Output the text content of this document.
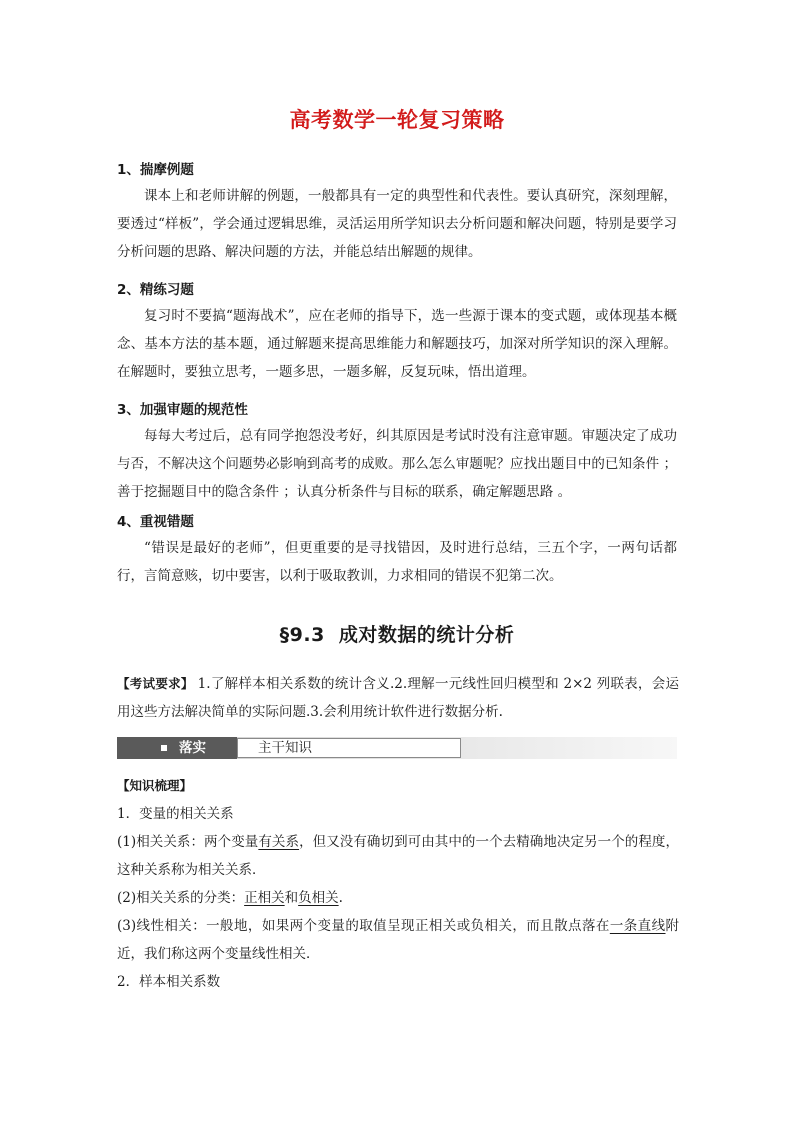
高考数学一轮复习策略
1、揣摩例题
课本上和老师讲解的例题，一般都具有一定的典型性和代表性。要认真研究，深刻理解，要透过“样板”，学会通过逻辑思维，灵活运用所学知识去分析问题和解决问题，特别是要学习分析问题的思路、解决问题的方法，并能总结出解题的规律。
2、精练习题
复习时不要搞“题海战术”，应在老师的指导下，选一些源于课本的变式题，或体现基本概念、基本方法的基本题，通过解题来提高思维能力和解题技巧，加深对所学知识的深入理解。在解题时，要独立思考，一题多思，一题多解，反复玩味，悟出道理。
3、加强审题的规范性
每每大考过后，总有同学抱怨没考好，纠其原因是考试时没有注意审题。审题决定了成功与否，不解决这个问题势必影响到高考的成败。那么怎么审题呢？应找出题目中的已知条件 ；善于挖掘题目中的隐含条件 ；认真分析条件与目标的联系，确定解题思路 。
4、重视错题
“错误是最好的老师”，但更重要的是寻找错因，及时进行总结，三五个字，一两句话都行，言简意赅，切中要害，以利于吸取教训，力求相同的错误不犯第二次。
§9.3 成对数据的统计分析
【考试要求】 1.了解样本相关系数的统计含义.2.理解一元线性回归模型和 2×2 列联表，会运用这些方法解决简单的实际问题.3.会利用统计软件进行数据分析.
落实	主干知识
【知识梳理】
1．变量的相关关系
(1)相关关系：两个变量有关系，但又没有确切到可由其中的一个去精确地决定另一个的程度，这种关系称为相关关系．
(2)相关关系的分类：正相关和负相关.
(3)线性相关：一般地，如果两个变量的取值呈现正相关或负相关，而且散点落在一条直线附近，我们称这两个变量线性相关．
2．样本相关系数
